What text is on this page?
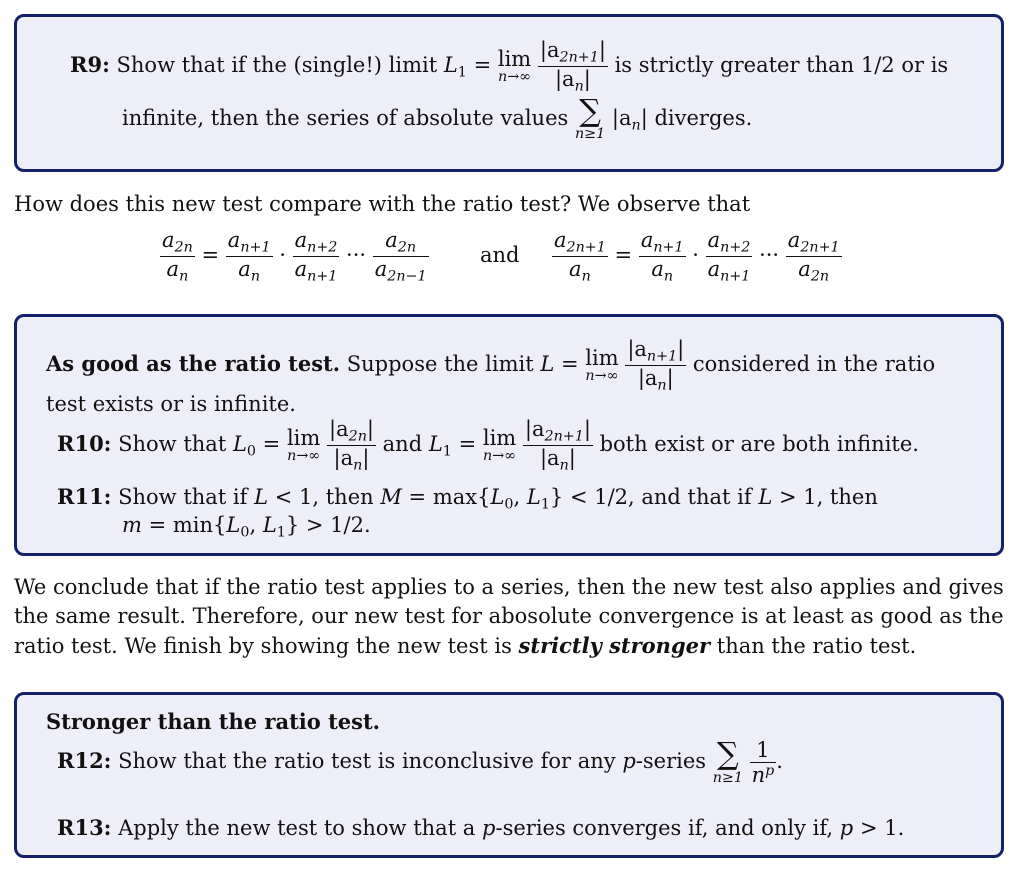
R9: Show that if the (single!) limit $L_1 = \lim$
n→∞
$\frac{|a_{2n+1}|}{|a_n|}$ is strictly greater than 1/2 or is
infinite, then the series of absolute values ∑
n≥1
$|a_n|$ diverges.
How does this new test compare with the ratio test? We observe that
$\frac{a_{2n}}{a_n} = \frac{a_{n+1}}{a_n} \cdot \frac{a_{n+2}}{a_{n+1}}$ ··· $\frac{a_{2n}}{a_{2n-1}}$ and $\frac{a_{2n+1}}{a_n} = \frac{a_{n+1}}{a_n} \cdot \frac{a_{n+2}}{a_{n+1}}$ ··· $\frac{a_{2n+1}}{a_{2n}}$
As good as the ratio test. Suppose the limit L = lim
n→∞
$\frac{|a_{n+1}|}{|a_n|}$ considered in the ratio
test exists or is infinite.
R10: Show that $L_0 = \lim$
n→∞
$\frac{|a_{2n}|}{|a_n|}$ and $L_1 = \lim$
n→∞
$\frac{|a_{2n+1}|}{|a_n|}$ both exist or are both infinite.
R11: Show that if L < 1, then $M = \max\{L_0$, $L_1\} < 1/2$, and that if L > 1, then
$m = \min\{L_0$, $L_1\} > 1/2$.
We conclude that if the ratio test applies to a series, then the new test also applies and gives
the same result. Therefore, our new test for abosolute convergence is at least as good as the
ratio test. We finish by showing the new test is strictly stronger than the ratio test.
Stronger than the ratio test.
R12: Show that the ratio test is inconclusive for any p-series ∑
n≥1
$\frac{1}{n^p}$ .
R13: Apply the new test to show that a p-series converges if, and only if, p > 1.
